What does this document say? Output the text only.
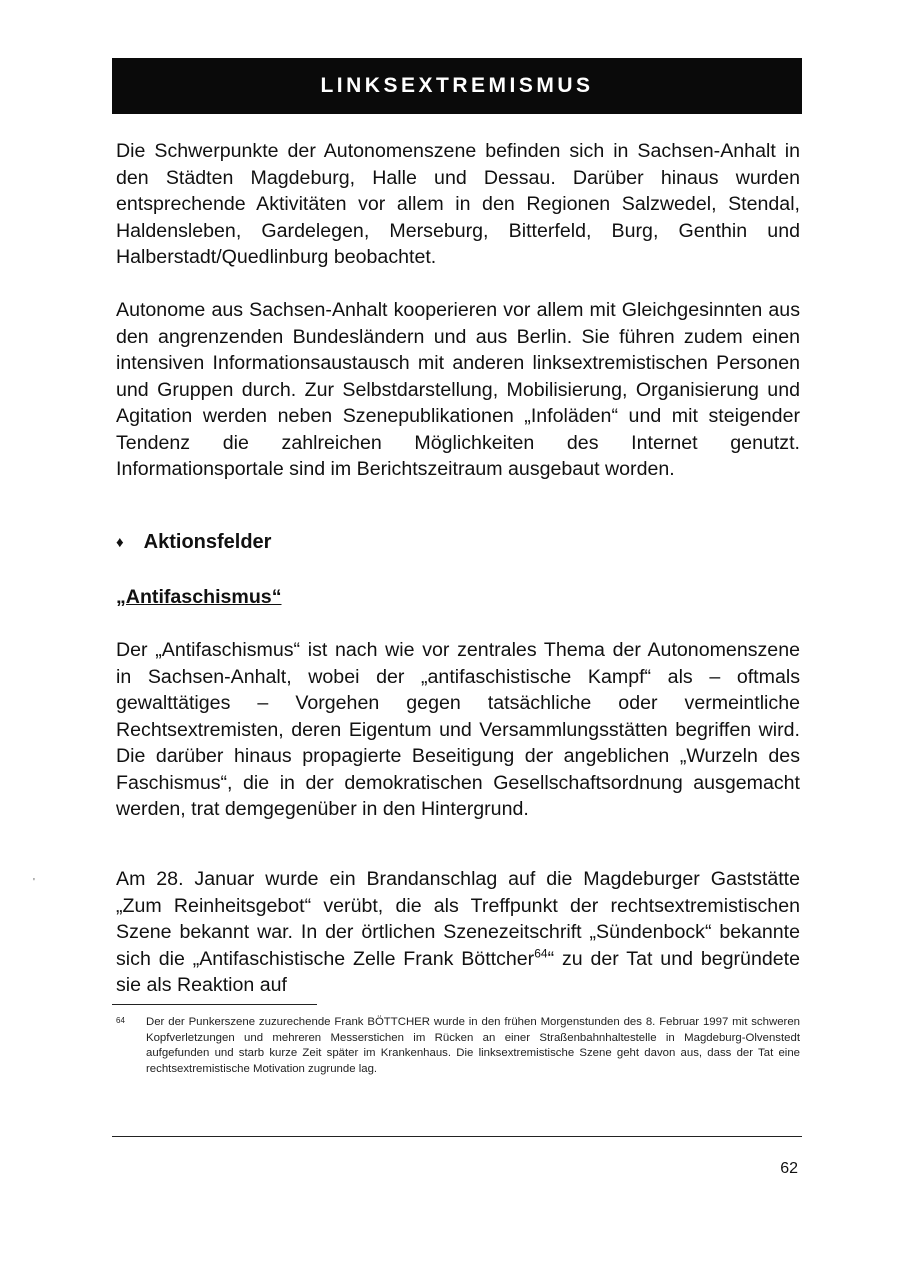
LINKSEXTREMISMUS

Die Schwerpunkte der Autonomenszene befinden sich in Sachsen-Anhalt in den Städten Magdeburg, Halle und Dessau. Darüber hinaus wurden entsprechende Aktivitäten vor allem in den Regionen Salzwedel, Stendal, Haldensleben, Gardelegen, Merseburg, Bitterfeld, Burg, Genthin und Halberstadt/Quedlinburg beobachtet.

Autonome aus Sachsen-Anhalt kooperieren vor allem mit Gleichgesinnten aus den angrenzenden Bundesländern und aus Berlin. Sie führen zudem einen intensiven Informationsaustausch mit anderen linksextremistischen Personen und Gruppen durch. Zur Selbstdarstellung, Mobilisierung, Organisierung und Agitation werden neben Szenepublikationen „Infoläden“ und mit steigender Tendenz die zahlreichen Möglichkeiten des Internet genutzt. Informationsportale sind im Berichtszeitraum ausgebaut worden.

♦ Aktionsfelder
„Antifaschismus“

Der „Antifaschismus“ ist nach wie vor zentrales Thema der Autonomenszene in Sachsen-Anhalt, wobei der „antifaschistische Kampf“ als – oftmals gewalttätiges – Vorgehen gegen tatsächliche oder vermeintliche Rechtsextremisten, deren Eigentum und Versammlungsstätten begriffen wird. Die darüber hinaus propagierte Beseitigung der angeblichen „Wurzeln des Faschismus“, die in der demokratischen Gesellschaftsordnung ausgemacht werden, trat demgegenüber in den Hintergrund.

Am 28. Januar wurde ein Brandanschlag auf die Magdeburger Gaststätte „Zum Reinheitsgebot“ verübt, die als Treffpunkt der rechtsextremistischen Szene bekannt war. In der örtlichen Szenezeitschrift „Sündenbock“ bekannte sich die „Antifaschistische Zelle Frank Böttcher$^{64}$“ zu der Tat und begründete sie als Reaktion auf

64	Der der Punkerszene zuzurechende Frank BÖTTCHER wurde in den frühen Morgenstunden des 8. Februar 1997 mit schweren Kopfverletzungen und mehreren Messerstichen im Rücken an einer Straßenbahnhaltestelle in Magdeburg-Olvenstedt aufgefunden und starb kurze Zeit später im Krankenhaus. Die linksextremistische Szene geht davon aus, dass der Tat eine rechtsextremistische Motivation zugrunde lag.
62
'
